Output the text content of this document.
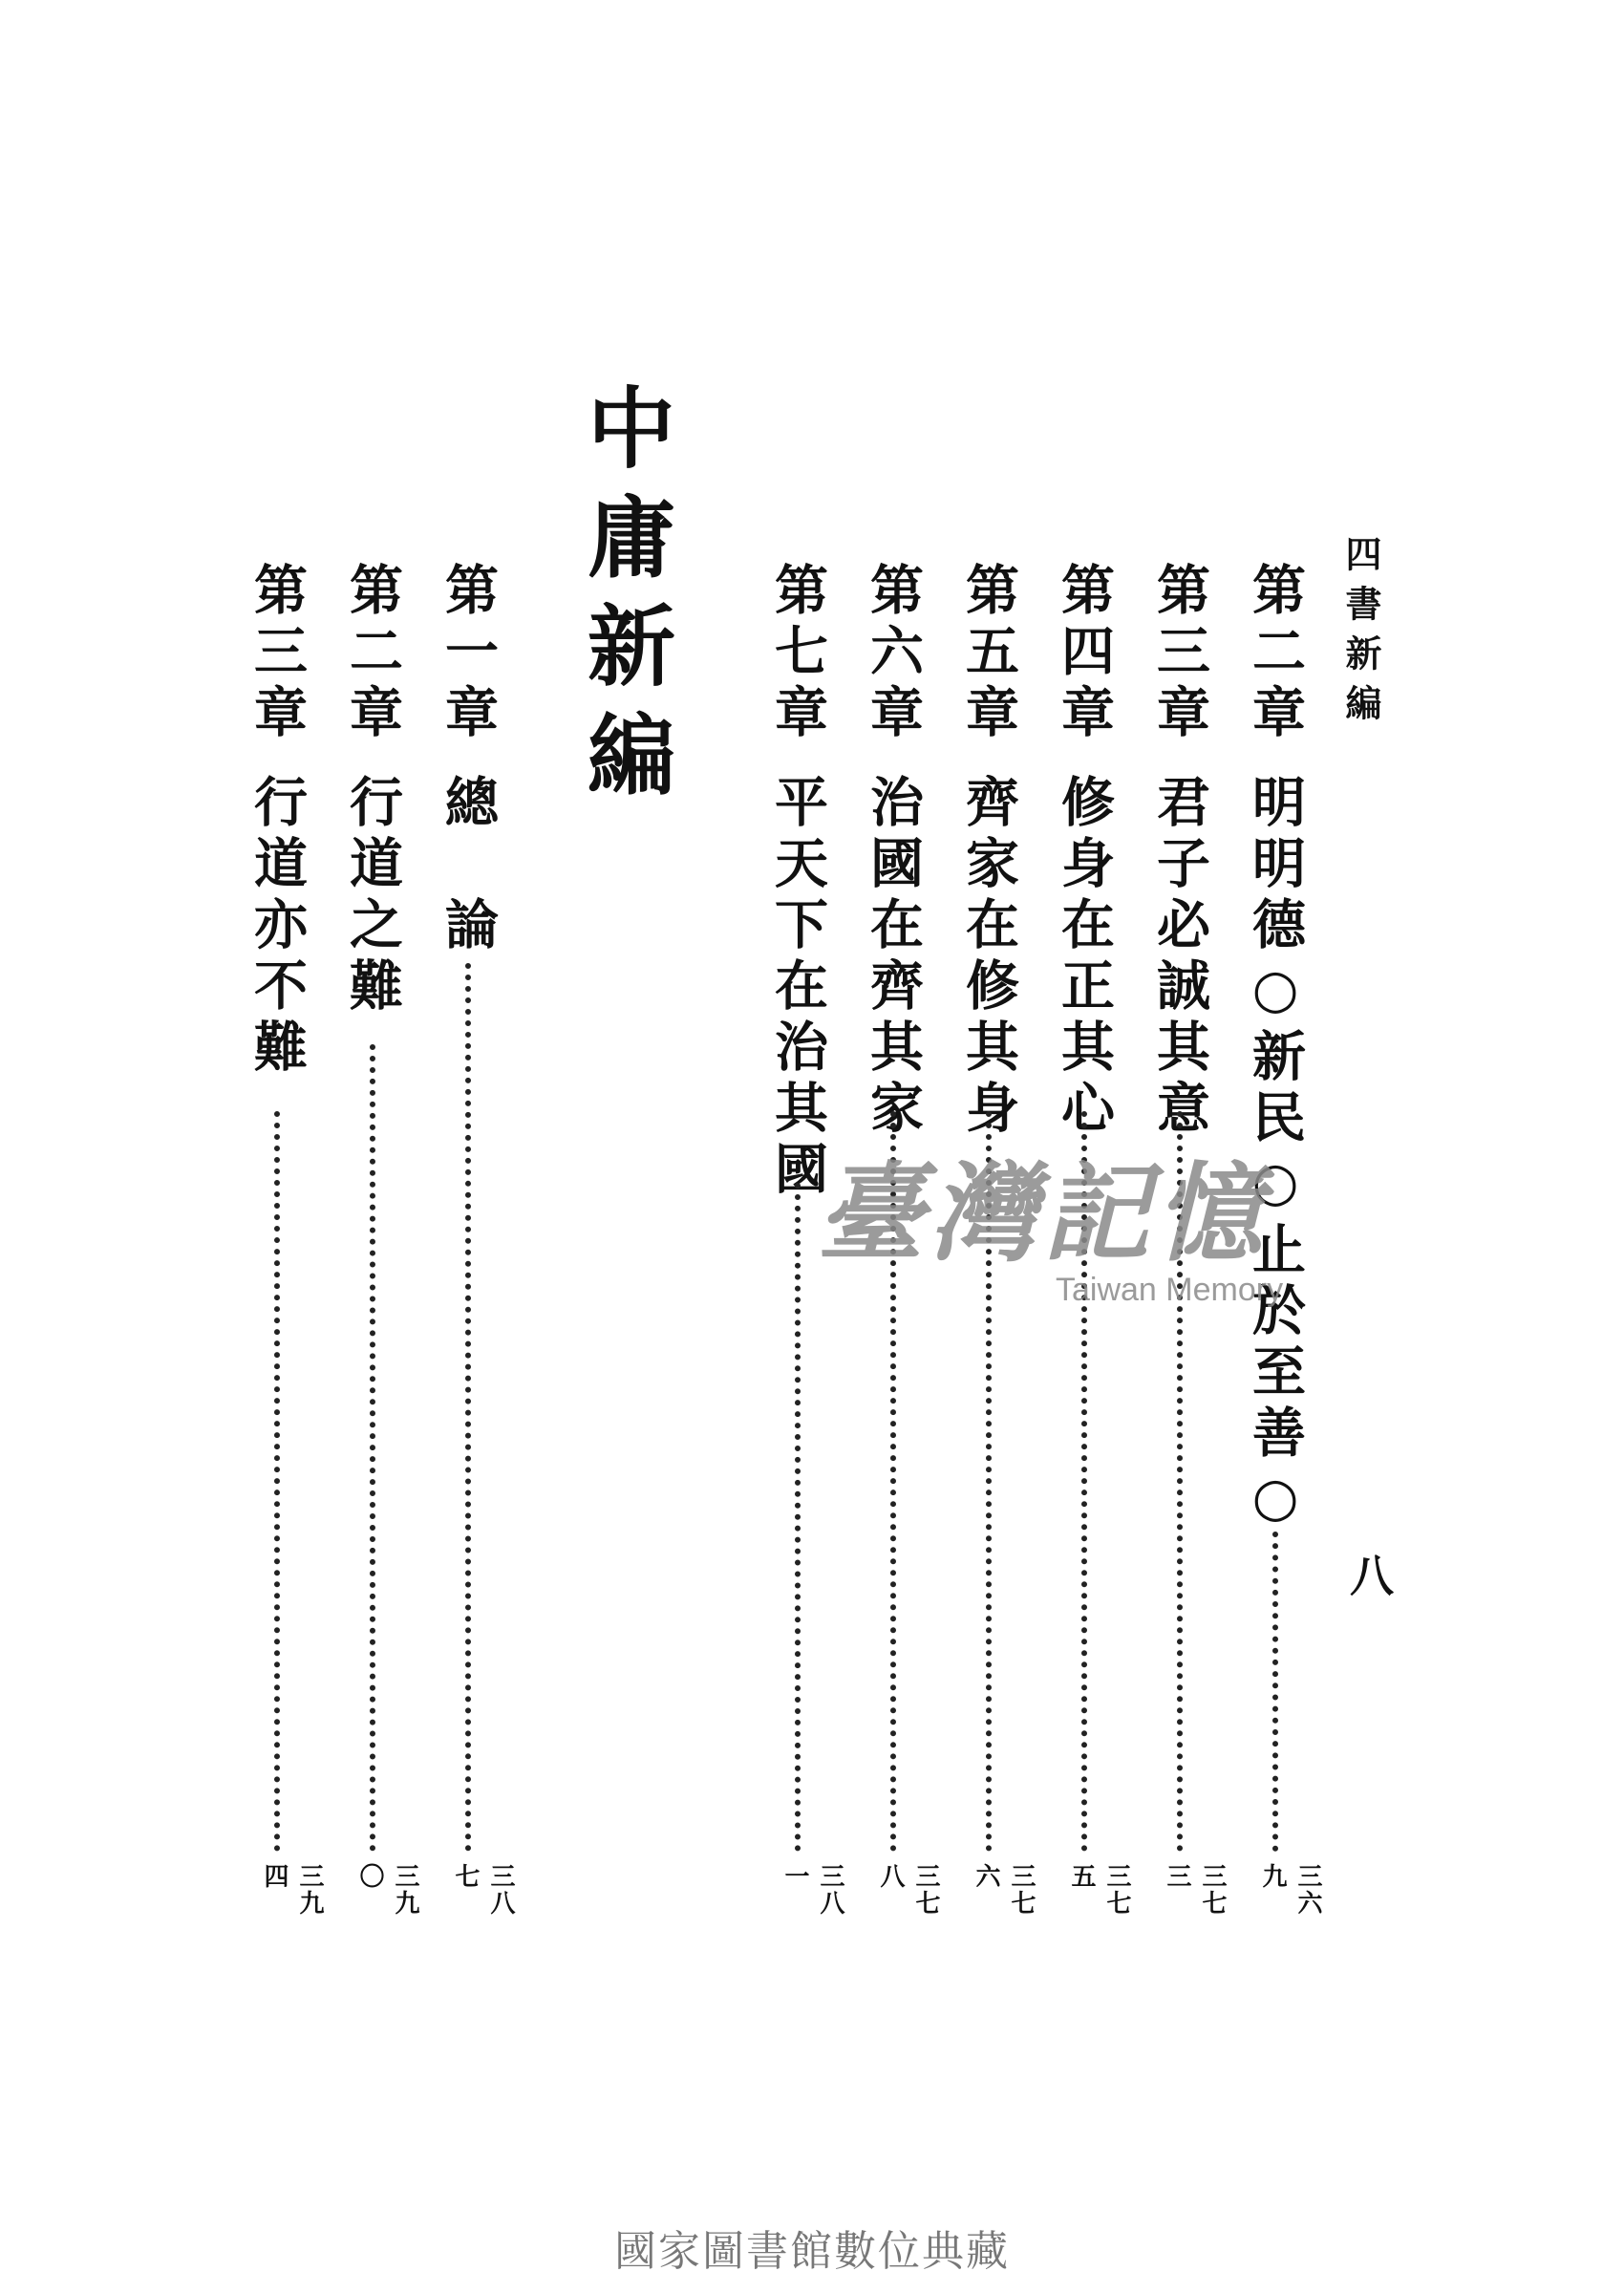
四書新編
八
第二章
明明德○新民○止於至善○
三六九
第三章
君子必誠其意
三七三
第四章
修身在正其心
三七五
第五章
齊家在修其身
三七六
第六章
治國在齊其家
三七八
第七章
平天下在治其國
三八一
中庸新編
第一章
總　論
三八七
第二章
行道之難
三九〇
第三章
行道亦不難
三九四
臺灣記憶
Taiwan Memory
國家圖書館數位典藏
